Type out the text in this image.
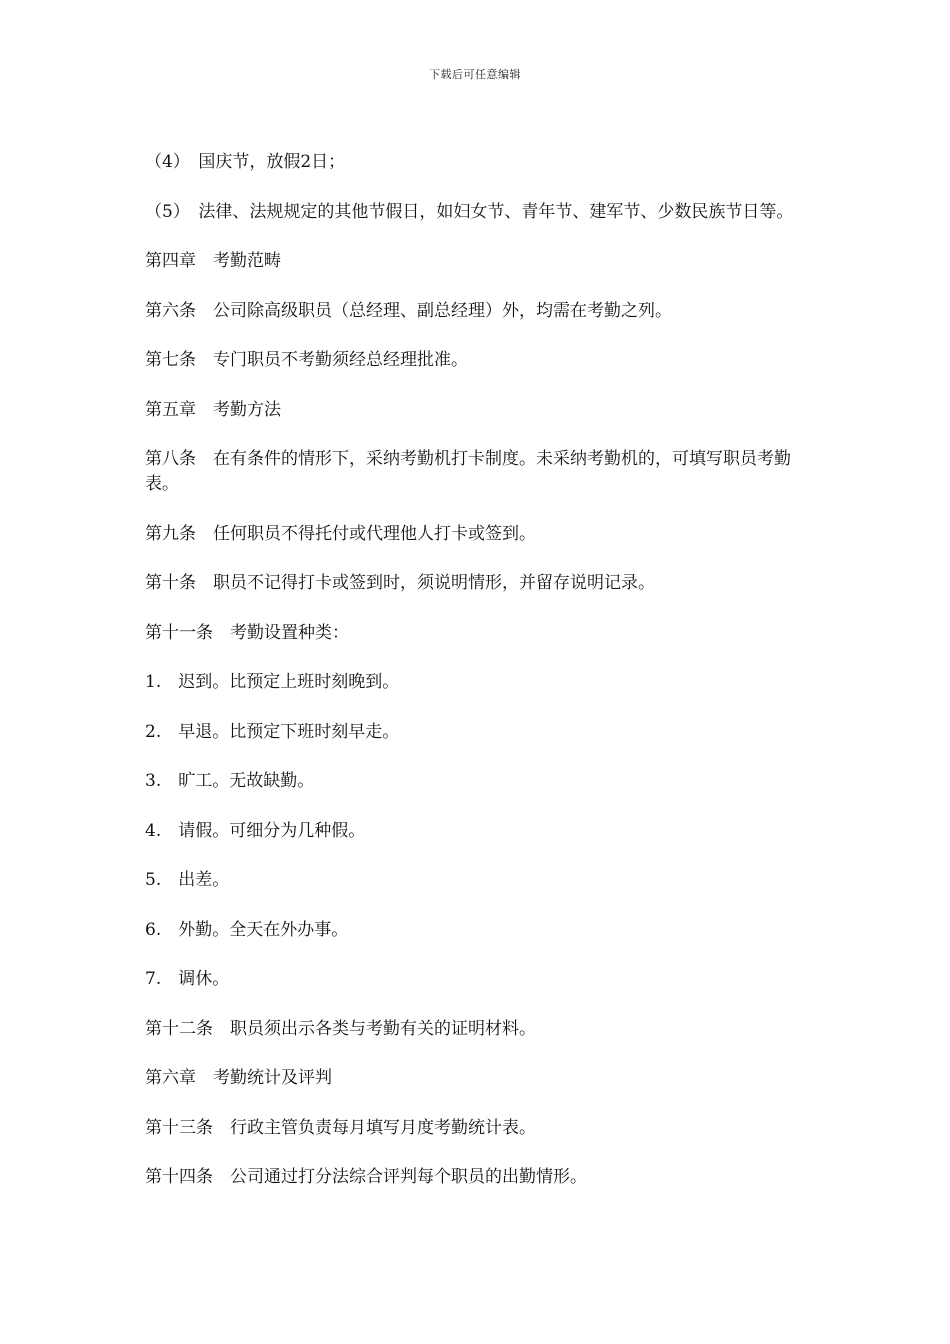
下载后可任意编辑

（4）　国庆节，放假2日；

（5）　法律、法规规定的其他节假日，如妇女节、青年节、建军节、少数民族节日等。

第四章　考勤范畴

第六条　公司除高级职员（总经理、副总经理）外，均需在考勤之列。

第七条　专门职员不考勤须经总经理批准。

第五章　考勤方法

第八条　在有条件的情形下，采纳考勤机打卡制度。未采纳考勤机的，可填写职员考勤表。

第九条　任何职员不得托付或代理他人打卡或签到。

第十条　职员不记得打卡或签到时，须说明情形，并留存说明记录。

第十一条　考勤设置种类：

1.　迟到。比预定上班时刻晚到。

2.　早退。比预定下班时刻早走。

3.　旷工。无故缺勤。

4.　请假。可细分为几种假。

5.　出差。

6.　外勤。全天在外办事。

7.　调休。

第十二条　职员须出示各类与考勤有关的证明材料。

第六章　考勤统计及评判

第十三条　行政主管负责每月填写月度考勤统计表。

第十四条　公司通过打分法综合评判每个职员的出勤情形。
